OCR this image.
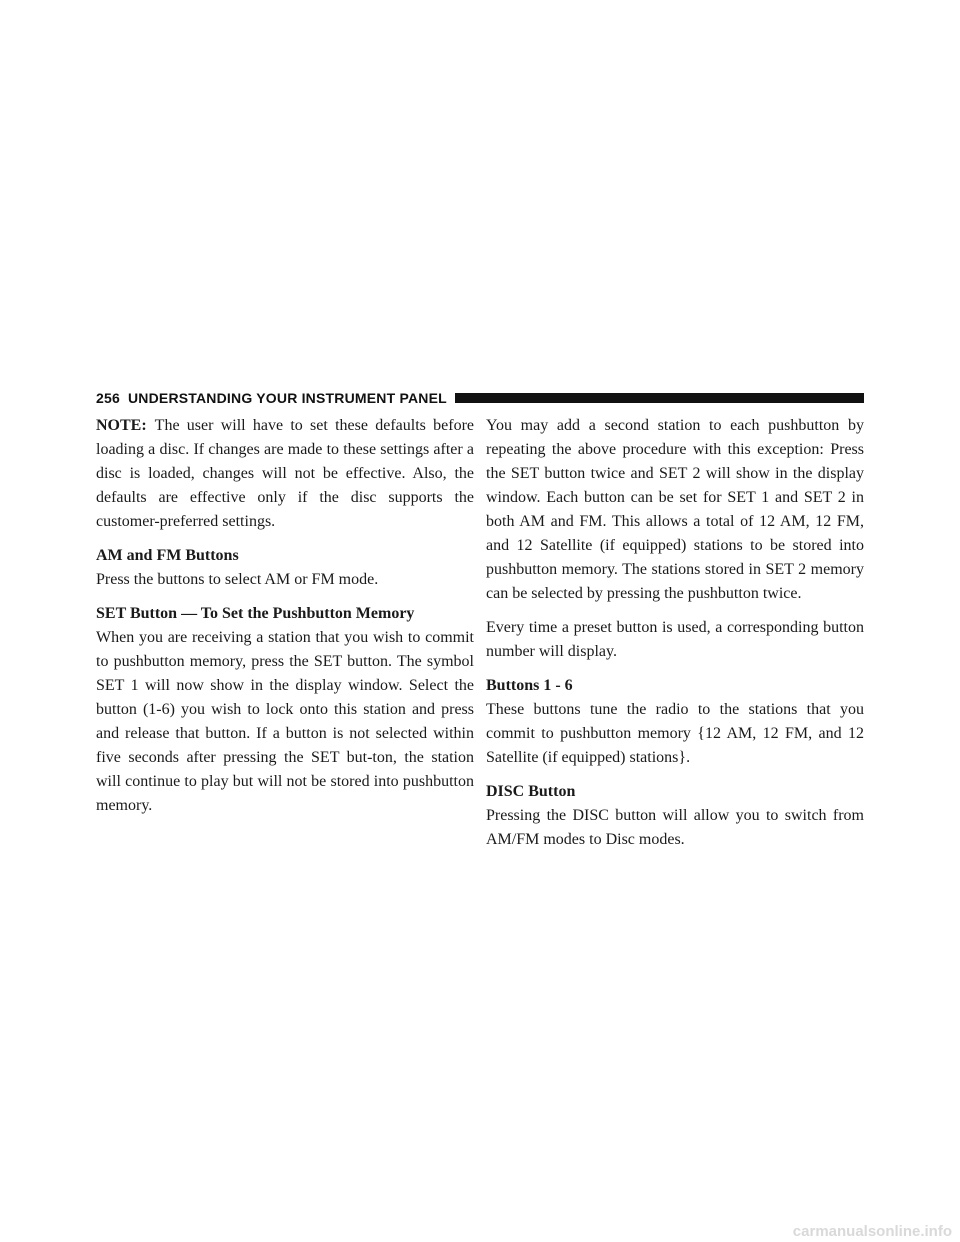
256 UNDERSTANDING YOUR INSTRUMENT PANEL

NOTE: The user will have to set these defaults before loading a disc. If changes are made to these settings after a disc is loaded, changes will not be effective. Also, the defaults are effective only if the disc supports the customer-preferred settings.

AM and FM Buttons

Press the buttons to select AM or FM mode.

SET Button — To Set the Pushbutton Memory

When you are receiving a station that you wish to commit to pushbutton memory, press the SET button. The symbol SET 1 will now show in the display window. Select the button (1-6) you wish to lock onto this station and press and release that button. If a button is not selected within five seconds after pressing the SET but-ton, the station will continue to play but will not be stored into pushbutton memory.

You may add a second station to each pushbutton by repeating the above procedure with this exception: Press the SET button twice and SET 2 will show in the display window. Each button can be set for SET 1 and SET 2 in both AM and FM. This allows a total of 12 AM, 12 FM, and 12 Satellite (if equipped) stations to be stored into pushbutton memory. The stations stored in SET 2 memory can be selected by pressing the pushbutton twice.

Every time a preset button is used, a corresponding button number will display.

Buttons 1 - 6

These buttons tune the radio to the stations that you commit to pushbutton memory {12 AM, 12 FM, and 12 Satellite (if equipped) stations}.

DISC Button

Pressing the DISC button will allow you to switch from AM/FM modes to Disc modes.

carmanualsonline.info
